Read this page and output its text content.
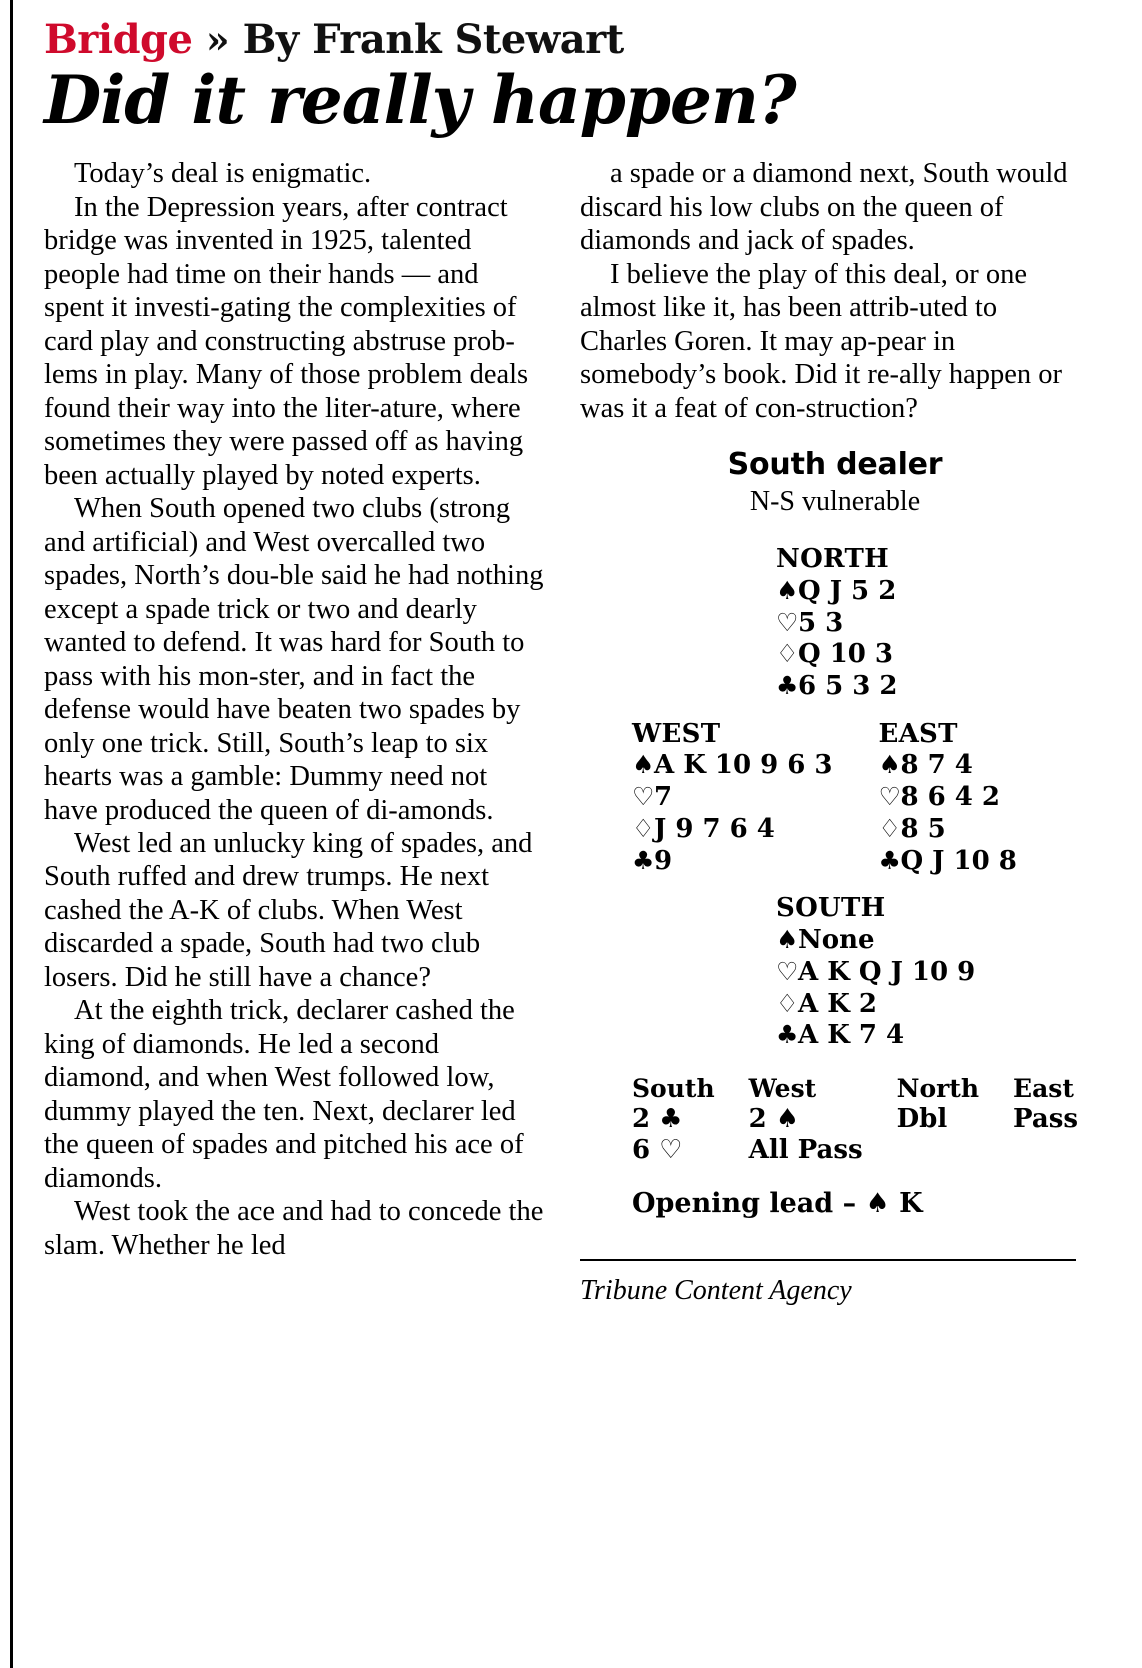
Bridge » By Frank Stewart
Did it really happen?

Today’s deal is enigmatic.

In the Depression years, after contract bridge was invented in 1925, talented people had time on their hands — and spent it investi-gating the complexities of card play and constructing abstruse prob-lems in play. Many of those problem deals found their way into the liter-ature, where sometimes they were passed off as having been actually played by noted experts.

When South opened two clubs (strong and artificial) and West overcalled two spades, North’s dou-ble said he had nothing except a spade trick or two and dearly wanted to defend. It was hard for South to pass with his mon-ster, and in fact the defense would have beaten two spades by only one trick. Still, South’s leap to six hearts was a gamble: Dummy need not have produced the queen of di-amonds.

West led an unlucky king of spades, and South ruffed and drew trumps. He next cashed the A-K of clubs. When West discarded a spade, South had two club losers. Did he still have a chance?

At the eighth trick, declarer cashed the king of diamonds. He led a second diamond, and when West followed low, dummy played the ten. Next, declarer led the queen of spades and pitched his ace of diamonds.

West took the ace and had to concede the slam. Whether he led

a spade or a diamond next, South would discard his low clubs on the queen of diamonds and jack of spades.

I believe the play of this deal, or one almost like it, has been attrib-uted to Charles Goren. It may ap-pear in somebody’s book. Did it re-ally happen or was it a feat of con-struction?

South dealer
N-S vulnerable
NORTH
♠Q J 5 2
♡5 3
♢Q 10 3
♣6 5 3 2
WEST
♠A K 10 9 6 3
♡7
♢J 9 7 6 4
♣9
EAST
♠8 7 4
♡8 6 4 2
♢8 5
♣Q J 10 8
SOUTH
♠None
♡A K Q J 10 9
♢A K 2
♣A K 7 4
South	West	North	East
2 ♣	2 ♠	Dbl	Pass
6 ♡	All Pass		
Opening lead – ♠ K
Tribune Content Agency
